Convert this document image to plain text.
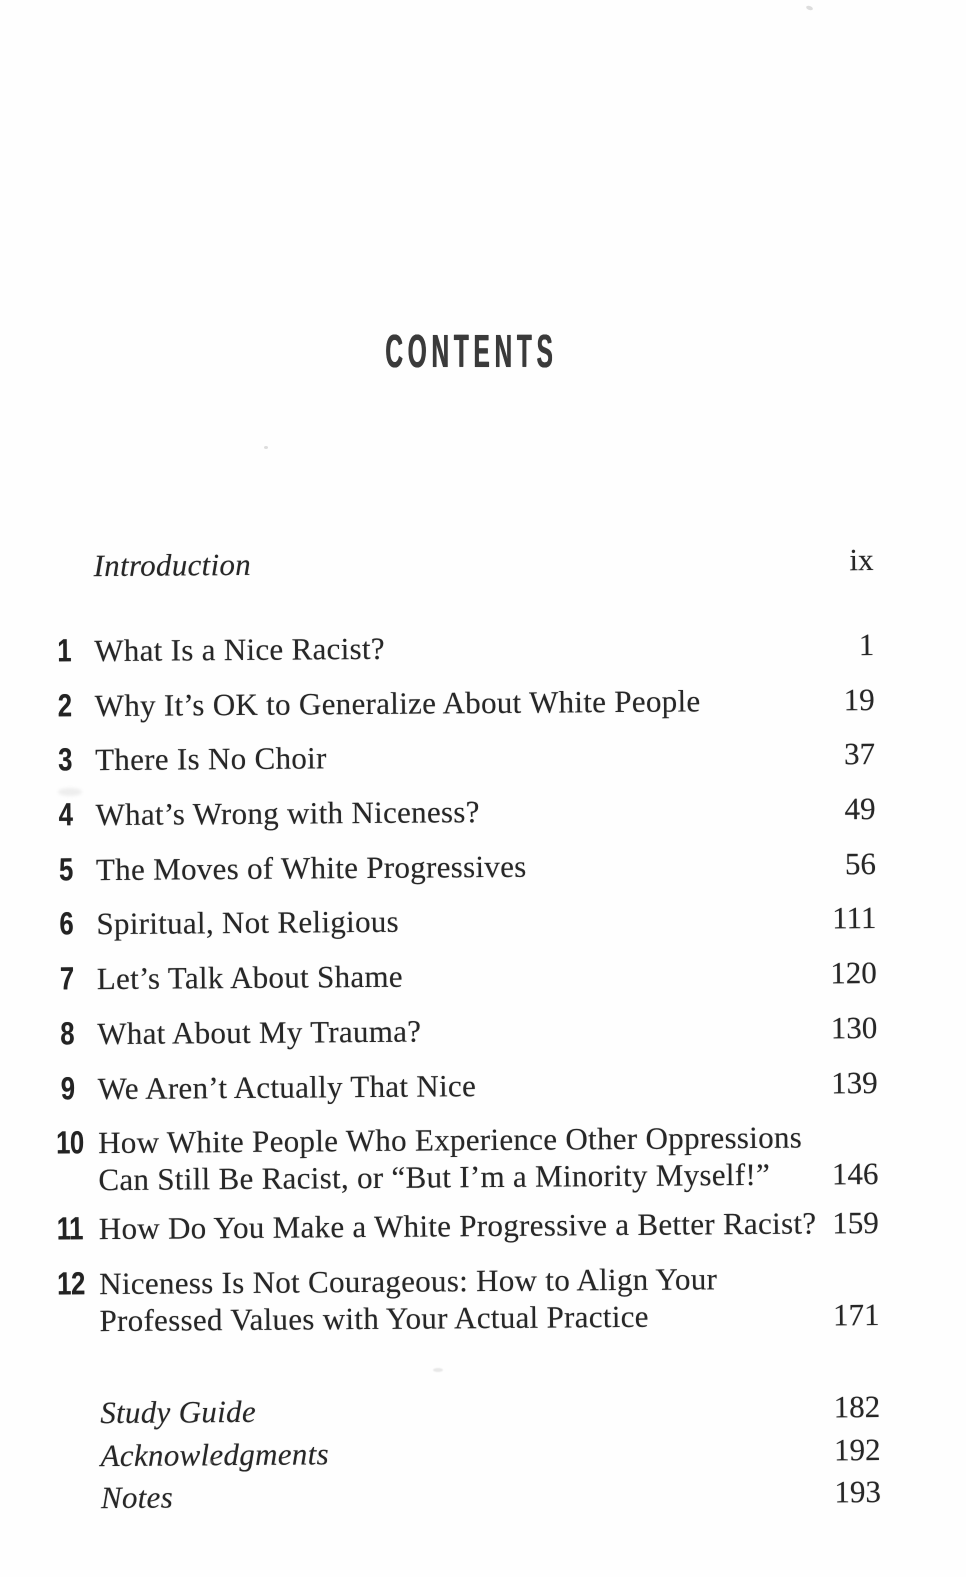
CONTENTS
Introduction	ix
1 What Is a Nice Racist?	1
2 Why It’s OK to Generalize About White People	19
3 There Is No Choir	37
4 What’s Wrong with Niceness?	49
5 The Moves of White Progressives	56
6 Spiritual, Not Religious	111
7 Let’s Talk About Shame	120
8 What About My Trauma?	130
9 We Aren’t Actually That Nice	139
10 How White People Who Experience Other Oppressions
Can Still Be Racist, or “But I’m a Minority Myself!”	146
11 How Do You Make a White Progressive a Better Racist? 159
12 Niceness Is Not Courageous: How to Align Your
Professed Values with Your Actual Practice	171
Study Guide	182
Acknowledgments	192
Notes	193
